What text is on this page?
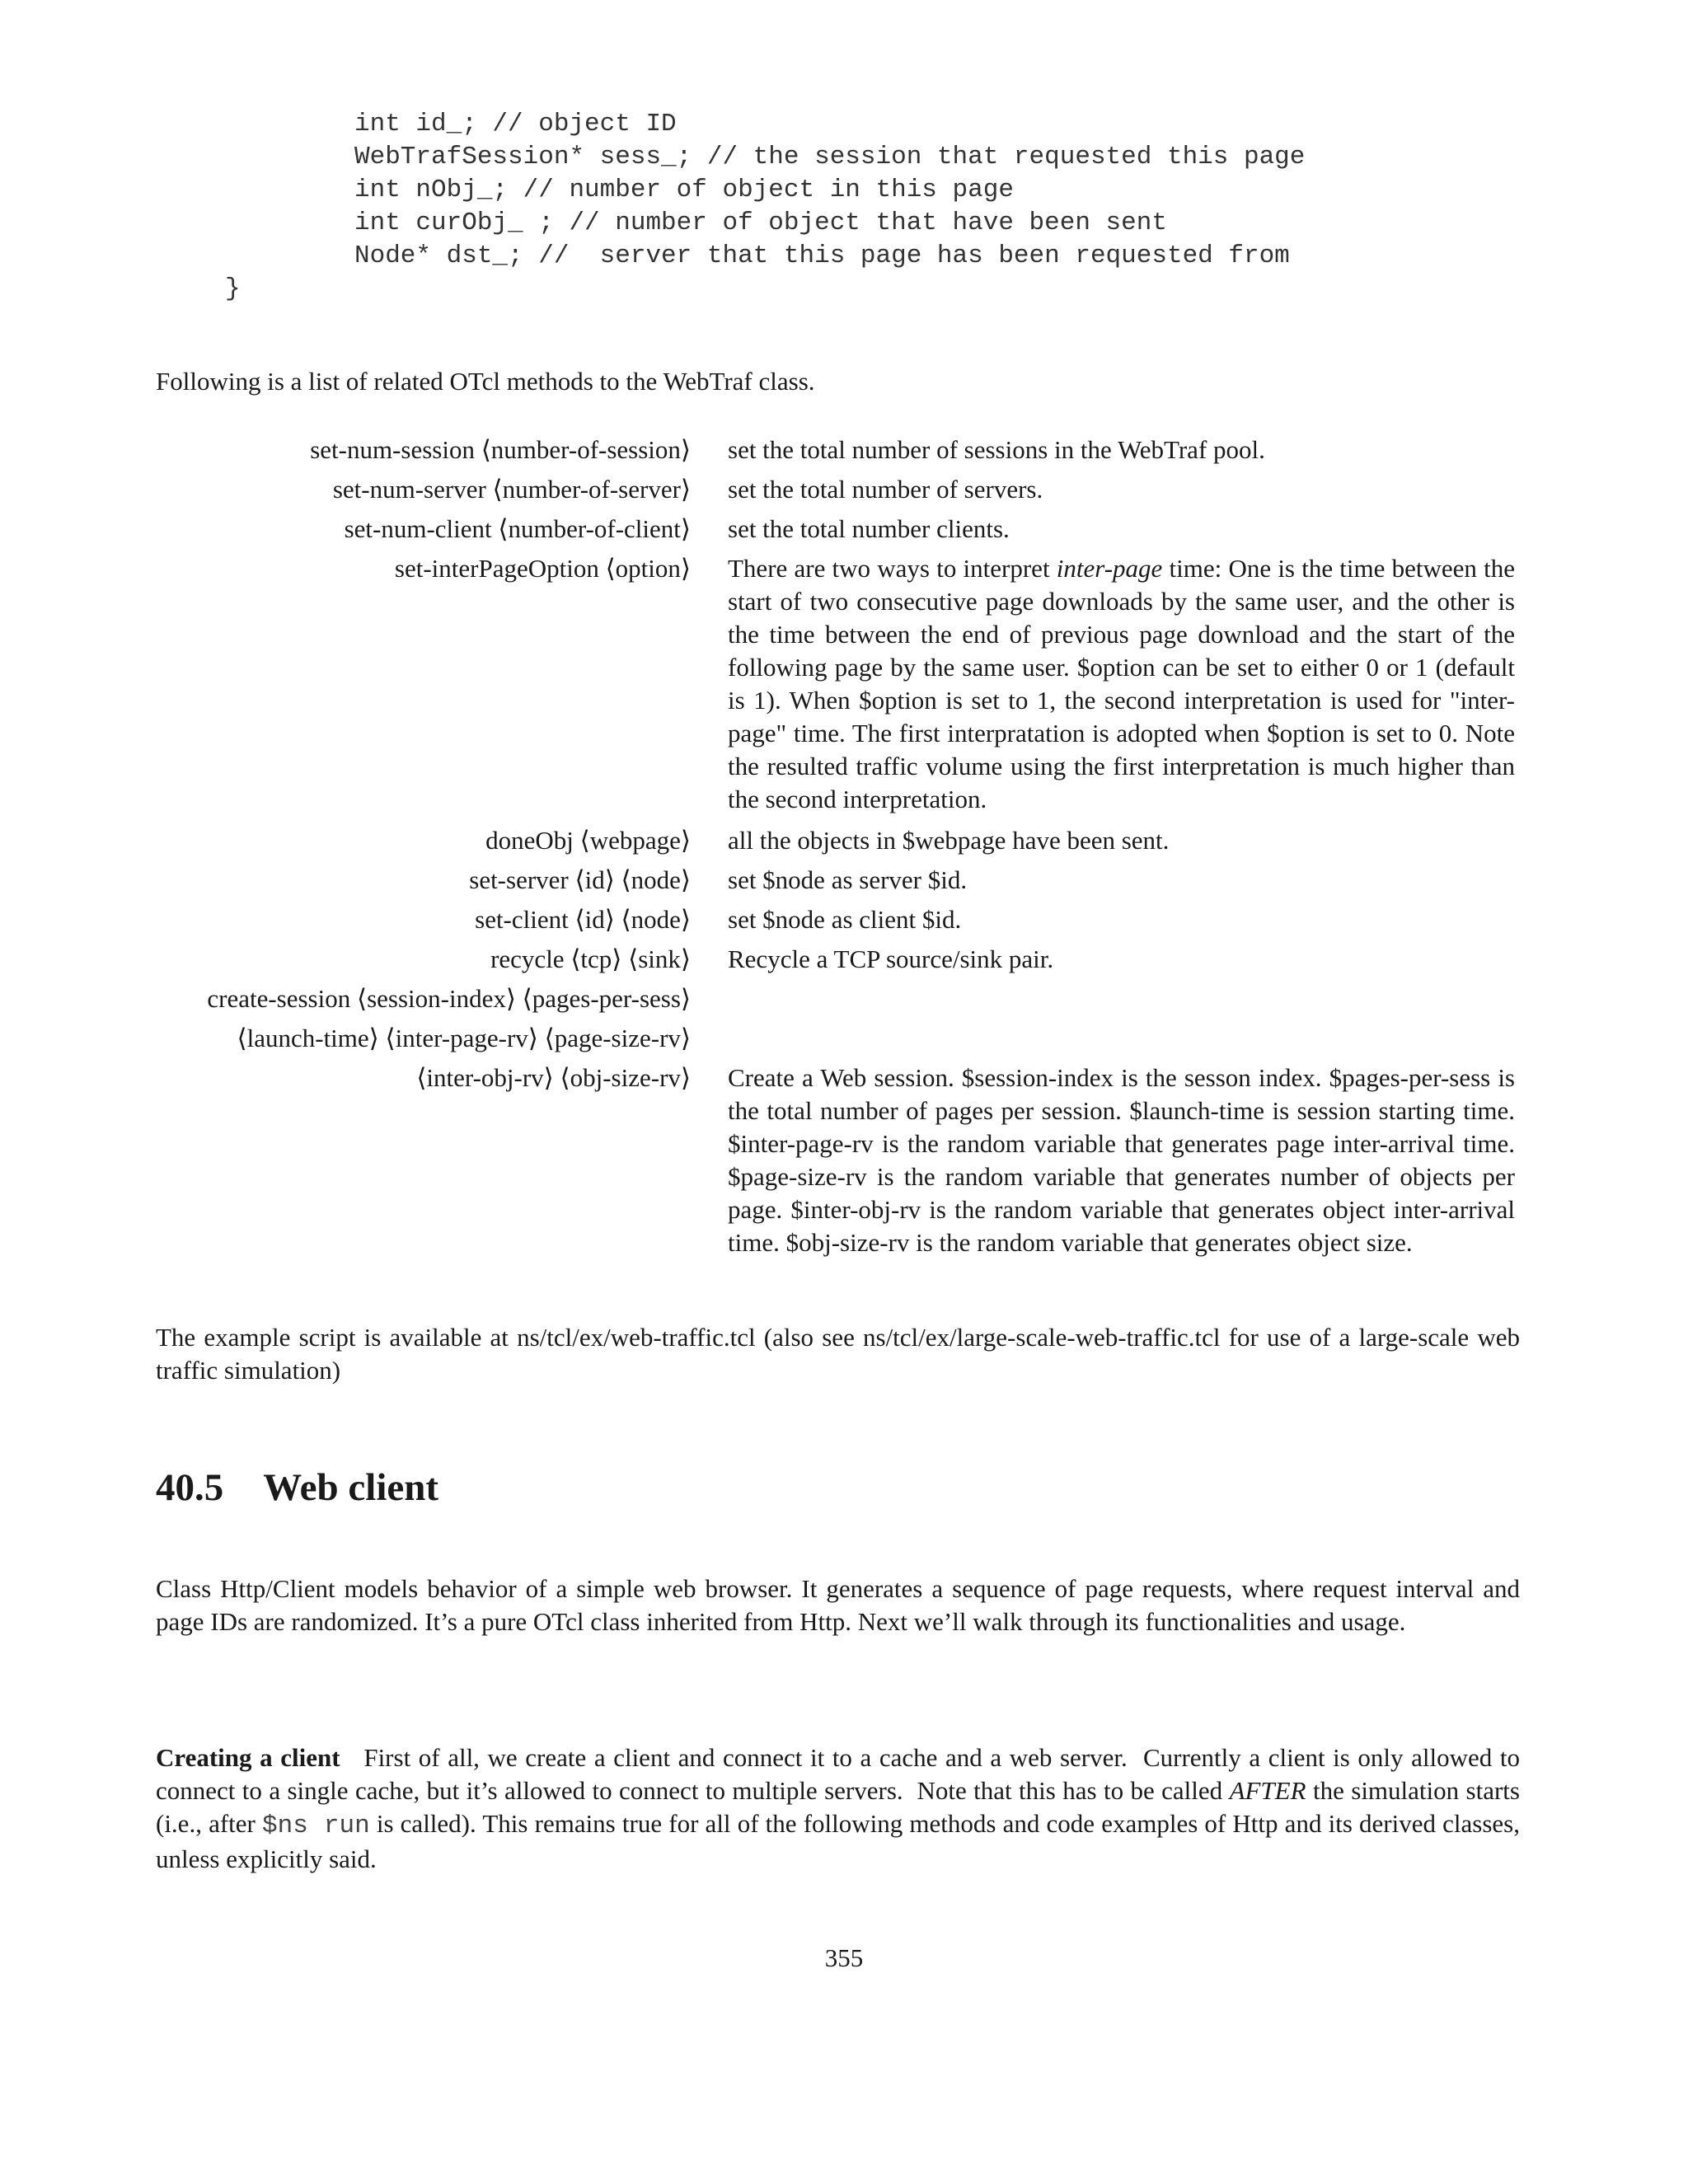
int id_; // object ID
WebTrafSession* sess_; // the session that requested this page
int nObj_; // number of object in this page
int curObj_ ; // number of object that have been sent
Node* dst_; //  server that this page has been requested from
}
Following is a list of related OTcl methods to the WebTraf class.
set-num-session ⟨number-of-session⟩ set the total number of sessions in the WebTraf pool.
set-num-server ⟨number-of-server⟩ set the total number of servers.
set-num-client ⟨number-of-client⟩ set the total number clients.
set-interPageOption ⟨option⟩ There are two ways to interpret inter-page time: One is the time between the start of two consecutive page downloads by the same user, and the other is the time between the end of previous page download and the start of the following page by the same user. $option can be set to either 0 or 1 (default is 1). When $option is set to 1, the second interpretation is used for "inter-page" time. The first interpratation is adopted when $option is set to 0. Note the resulted traffic volume using the first interpretation is much higher than the second interpretation.
doneObj ⟨webpage⟩ all the objects in $webpage have been sent.
set-server ⟨id⟩ ⟨node⟩ set $node as server $id.
set-client ⟨id⟩ ⟨node⟩ set $node as client $id.
recycle ⟨tcp⟩ ⟨sink⟩ Recycle a TCP source/sink pair.
create-session ⟨session-index⟩ ⟨pages-per-sess⟩
⟨launch-time⟩ ⟨inter-page-rv⟩ ⟨page-size-rv⟩
⟨inter-obj-rv⟩ ⟨obj-size-rv⟩ Create a Web session. $session-index is the sesson index. $pages-per-sess is the total number of pages per session. $launch-time is session starting time. $inter-page-rv is the random variable that generates page inter-arrival time. $page-size-rv is the random variable that generates number of objects per page. $inter-obj-rv is the random variable that generates object inter-arrival time. $obj-size-rv is the random variable that generates object size.
The example script is available at ns/tcl/ex/web-traffic.tcl (also see ns/tcl/ex/large-scale-web-traffic.tcl for use of a large-scale web traffic simulation)
40.5 Web client
Class Http/Client models behavior of a simple web browser. It generates a sequence of page requests, where request interval and page IDs are randomized. It’s a pure OTcl class inherited from Http. Next we’ll walk through its functionalities and usage.
Creating a client   First of all, we create a client and connect it to a cache and a web server.  Currently a client is only allowed to connect to a single cache, but it’s allowed to connect to multiple servers.  Note that this has to be called AFTER the simulation starts (i.e., after $ns run is called). This remains true for all of the following methods and code examples of Http and its derived classes, unless explicitly said.
355
